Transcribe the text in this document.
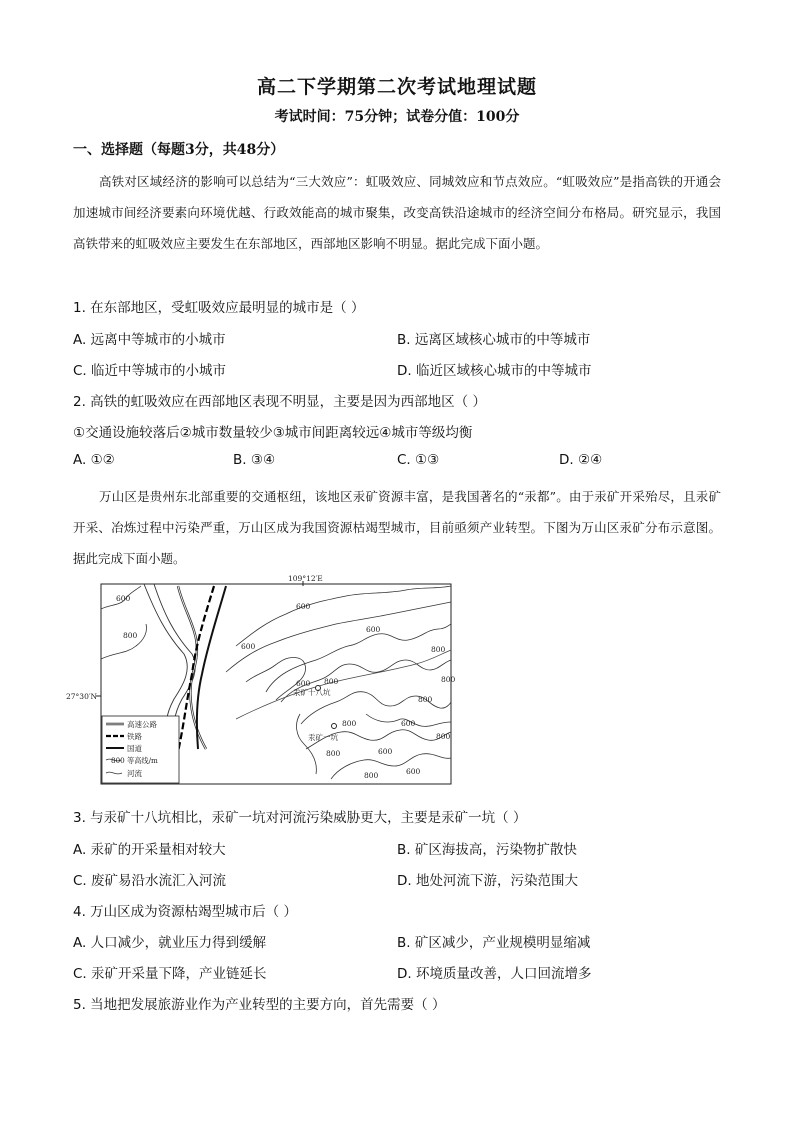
高二下学期第二次考试地理试题
考试时间：75分钟；试卷分值：100分
一、选择题（每题3分，共48分）
高铁对区域经济的影响可以总结为“三大效应”：虹吸效应、同城效应和节点效应。“虹吸效应”是指高铁的开通会加速城市间经济要素向环境优越、行政效能高的城市聚集，改变高铁沿途城市的经济空间分布格局。研究显示，我国高铁带来的虹吸效应主要发生在东部地区，西部地区影响不明显。据此完成下面小题。
1. 在东部地区，受虹吸效应最明显的城市是（ ）
A. 远离中等城市的小城市	B. 远离区域核心城市的中等城市
C. 临近中等城市的小城市	D. 临近区域核心城市的中等城市
2. 高铁的虹吸效应在西部地区表现不明显，主要是因为西部地区（ ）
①交通设施较落后②城市数量较少③城市间距离较远④城市等级均衡
A. ①②	B. ③④	C. ①③	D. ②④
万山区是贵州东北部重要的交通枢纽，该地区汞矿资源丰富，是我国著名的“汞都”。由于汞矿开采殆尽，且汞矿开采、冶炼过程中污染严重，万山区成为我国资源枯竭型城市，目前亟须产业转型。下图为万山区汞矿分布示意图。据此完成下面小题。
109°12′E
27°30′N
600
800
600
600
800
800
600
800
800	600
800
600
800
600
600
800
800
汞矿十八坑
汞矿一坑
高速公路
铁路
国道
800 等高线/m
河流
3. 与汞矿十八坑相比，汞矿一坑对河流污染威胁更大，主要是汞矿一坑（ ）
A. 汞矿的开采量相对较大	B. 矿区海拔高，污染物扩散快
C. 废矿易沿水流汇入河流	D. 地处河流下游，污染范围大
4. 万山区成为资源枯竭型城市后（ ）
A. 人口减少，就业压力得到缓解	B. 矿区减少，产业规模明显缩减
C. 汞矿开采量下降，产业链延长	D. 环境质量改善，人口回流增多
5. 当地把发展旅游业作为产业转型的主要方向，首先需要（ ）
